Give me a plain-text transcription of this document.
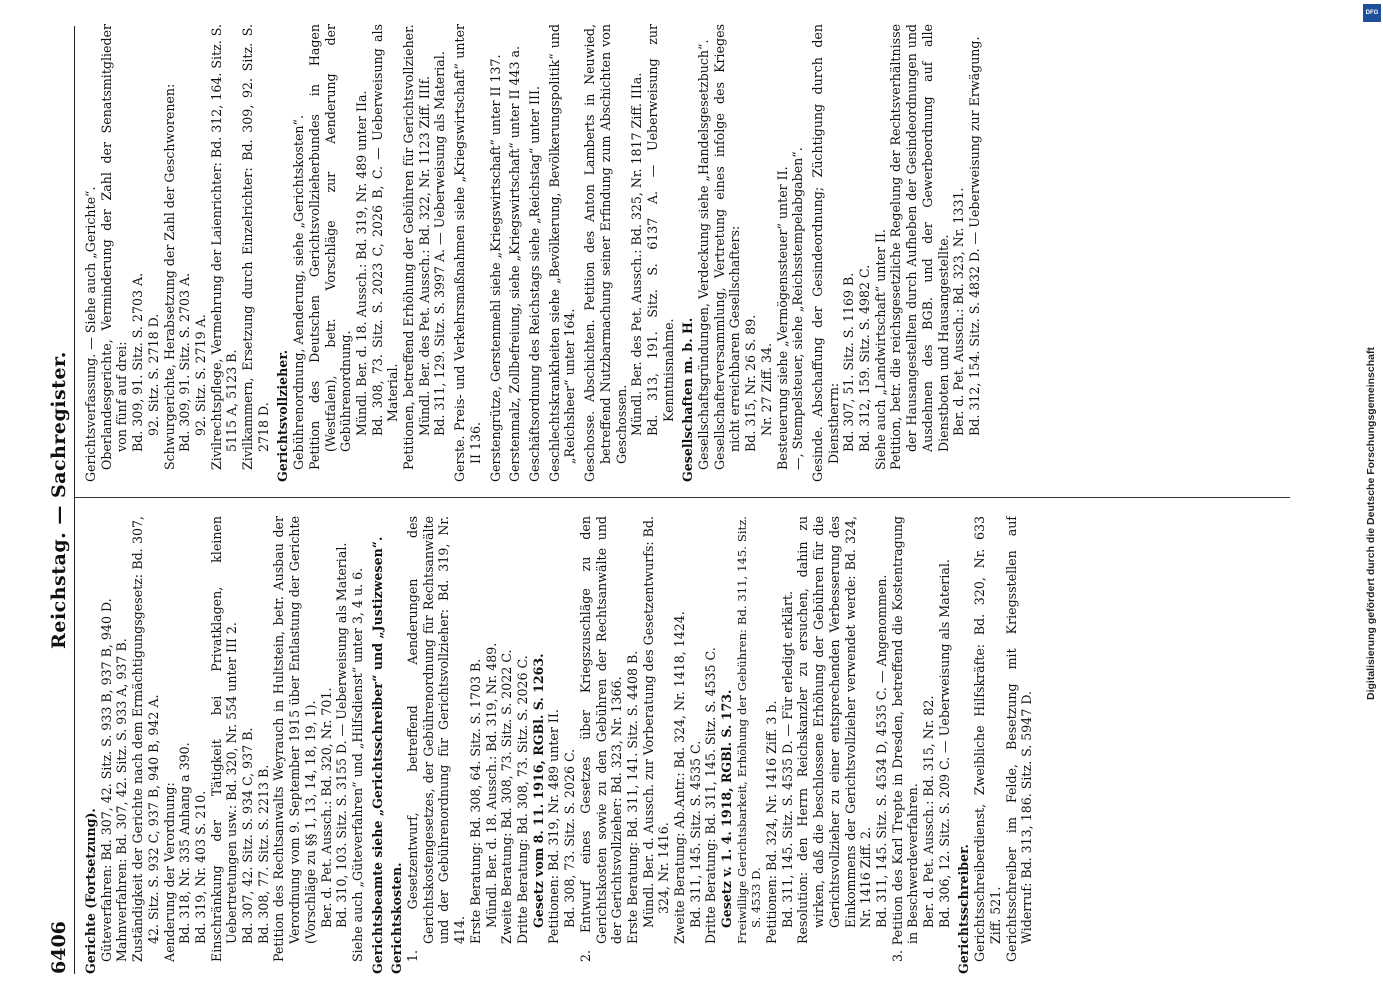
6406
Reichstag. — Sachregister.

Gerichte (Fortsetzung). Güteverfahren: Bd. 307, 42. Sitz. S. 933 B, 937 B, 940 D. Mahnverfahren: Bd. 307, 42. Sitz. S. 933 A, 937 B. Zuständigkeit der Gerichte nach dem Ermächtigungsgesetz: Bd. 307, 42. Sitz. S. 932 C, 937 B, 940 B, 942 A. Aenderung der Verordnung: Bd. 318, Nr. 335 Anhang a 390. Bd. 319, Nr. 403 S. 210. Einschränkung der Tätigkeit bei Privatklagen, kleinen Uebertretungen usw.: Bd. 320, Nr. 554 unter III 2. Bd. 307, 42. Sitz. S. 934 C, 937 B. Bd. 308, 77. Sitz. S. 2213 B. Petition des Rechtsanwalts Weyrauch in Hultstein, betr. Ausbau der Verordnung vom 9. September 1915 über Entlastung der Gerichte (Vorschläge zu §§ 1, 13, 14, 18, 19, 1). Ber. d. Pet. Aussch.: Bd. 320, Nr. 701. Bd. 310, 103. Sitz. S. 3155 D. — Ueberweisung als Material. Siehe auch „Güteverfahren“ und „Hilfsdienst“ unter 3, 4 u. 6. Gerichtsbeamte siehe „Gerichtsschreiber“ und „Justizwesen“. Gerichtskosten. 1. Gesetzentwurf, betreffend Aenderungen des Gerichtskostengesetzes, der Gebührenordnung für Rechtsanwälte und der Gebührenordnung für Gerichtsvollzieher: Bd. 319, Nr. 414. Erste Beratung: Bd. 308, 64. Sitz. S. 1703 B. Mündl. Ber. d. 18. Aussch.: Bd. 319, Nr. 489. Zweite Beratung: Bd. 308, 73. Sitz. S. 2022 C. Dritte Beratung: Bd. 308, 73. Sitz. S. 2026 C. Gesetz vom 8. 11. 1916, RGBl. S. 1263. Petitionen: Bd. 319, Nr. 489 unter II. Bd. 308, 73. Sitz. S. 2026 C. 2. Entwurf eines Gesetzes über Kriegszuschläge zu den Gerichtskosten sowie zu den Gebühren der Rechtsanwälte und der Gerichtsvollzieher: Bd. 323, Nr. 1366. Erste Beratung: Bd. 311, 141. Sitz. S. 4408 B. Mündl. Ber. d. Aussch. zur Vorberatung des Gesetzentwurfs: Bd. 324, Nr. 1416. Zweite Beratung: Ab.Antr.: Bd. 324, Nr. 1418, 1424. Bd. 311, 145. Sitz. S. 4535 C. Dritte Beratung: Bd. 311, 145. Sitz. S. 4535 C. Gesetz v. 1. 4. 1918, RGBl. S. 173. Freiwillige Gerichtsbarkeit, Erhöhung der Gebühren: Bd. 311, 145. Sitz. S. 4533 D. Petitionen: Bd. 324, Nr. 1416 Ziff. 3 b. Bd. 311, 145. Sitz. S. 4535 D. — Für erledigt erklärt. Resolution: den Herrn Reichskanzler zu ersuchen, dahin zu wirken, daß die beschlossene Erhöhung der Gebühren für die Gerichtsvollzieher zu einer entsprechenden Verbesserung des Einkommens der Gerichtsvollzieher verwendet werde: Bd. 324, Nr. 1416 Ziff. 2. Bd. 311, 145. Sitz. S. 4534 D, 4535 C. — Angenommen. 3. Petition des Karl Trepte in Dresden, betreffend die Kostentragung in Beschwerdeverfahren. Ber. d. Pet. Aussch.: Bd. 315, Nr. 82. Bd. 306, 12. Sitz. S. 209 C. — Ueberweisung als Material. Gerichtsschreiber. Gerichtsschreiberdienst, Zweibliche Hilfskräfte: Bd. 320, Nr. 633 Ziff. 521. Gerichtsschreiber im Felde, Besetzung mit Kriegsstellen auf Widerruf: Bd. 313, 186. Sitz. S. 5947 D.

Gerichtsverfassung. — Siehe auch „Gerichte“. Oberlandesgerichte, Verminderung der Zahl der Senatsmitglieder von fünf auf drei: Bd. 309, 91. Sitz. S. 2703 A. 92. Sitz. S. 2718 D. Schwurgerichte, Herabsetzung der Zahl der Geschworenen: Bd. 309, 91. Sitz. S. 2703 A. 92. Sitz. S. 2719 A. Zivilrechtspflege, Vermehrung der Laienrichter: Bd. 312, 164. Sitz. S. 5115 A, 5123 B. Zivilkammern, Ersetzung durch Einzelrichter: Bd. 309, 92. Sitz. S. 2718 D. Gerichtsvollzieher. Gebührenordnung, Aenderung, siehe „Gerichtskosten“. Petition des Deutschen Gerichtsvollzieherbundes in Hagen (Westfalen), betr. Vorschläge zur Aenderung der Gebührenordnung. Mündl. Ber. d. 18. Aussch.: Bd. 319, Nr. 489 unter IIa. Bd. 308, 73. Sitz. S. 2023 C, 2026 B, C. — Ueberweisung als Material. Petitionen, betreffend Erhöhung der Gebühren für Gerichtsvollzieher. Mündl. Ber. des Pet. Aussch.: Bd. 322, Nr. 1123 Ziff. IIIf. Bd. 311, 129. Sitz. S. 3997 A. — Ueberweisung als Material. Gerste. Preis- und Verkehrsmaßnahmen siehe „Kriegswirtschaft“ unter II 136. Gerstengrütze, Gerstenmehl siehe „Kriegswirtschaft“ unter II 137. Gerstenmalz, Zollbefreiung, siehe „Kriegswirtschaft“ unter II 443 a. Geschäftsordnung des Reichstags siehe „Reichstag“ unter III. Geschlechtskrankheiten siehe „Bevölkerung, Bevölkerungspolitik“ und „Reichsheer“ unter 164. Geschosse. Abschichten. Petition des Anton Lamberts in Neuwied, betreffend Nutzbarmachung seiner Erfindung zum Abschichten von Geschossen. Mündl. Ber. des Pet. Aussch.: Bd. 325, Nr. 1817 Ziff. IIIa. Bd. 313, 191. Sitz. S. 6137 A. — Ueberweisung zur Kenntnisnahme. Gesellschaften m. b. H. Gesellschaftsgründungen, Verdeckung siehe „Handelsgesetzbuch“. Gesellschafterversammlung, Vertretung eines infolge des Krieges nicht erreichbaren Gesellschafters: Bd. 315, Nr. 26 S. 89. Nr. 27 Ziff. 34. Besteuerung siehe „Vermögenssteuer“ unter II. —, Stempelsteuer, siehe „Reichsstempelabgaben“. Gesinde. Abschaffung der Gesindeordnung; Züchtigung durch den Dienstherrn: Bd. 307, 51. Sitz. S. 1169 B. Bd. 312, 159. Sitz. S. 4982 C. Siehe auch „Landwirtschaft“ unter II. Petition, betr. die reichsgesetzliche Regelung der Rechtsverhältnisse der Hausangestellten durch Aufheben der Gesindeordnungen und Ausdehnen des BGB. und der Gewerbeordnung auf alle Dienstboten und Hausangestellte. Ber. d. Pet. Aussch.: Bd. 323, Nr. 1331. Bd. 312, 154. Sitz. S. 4832 D. — Ueberweisung zur Erwägung.

DFG
Digitalisierung gefördert durch die Deutsche Forschungsgemeinschaft
